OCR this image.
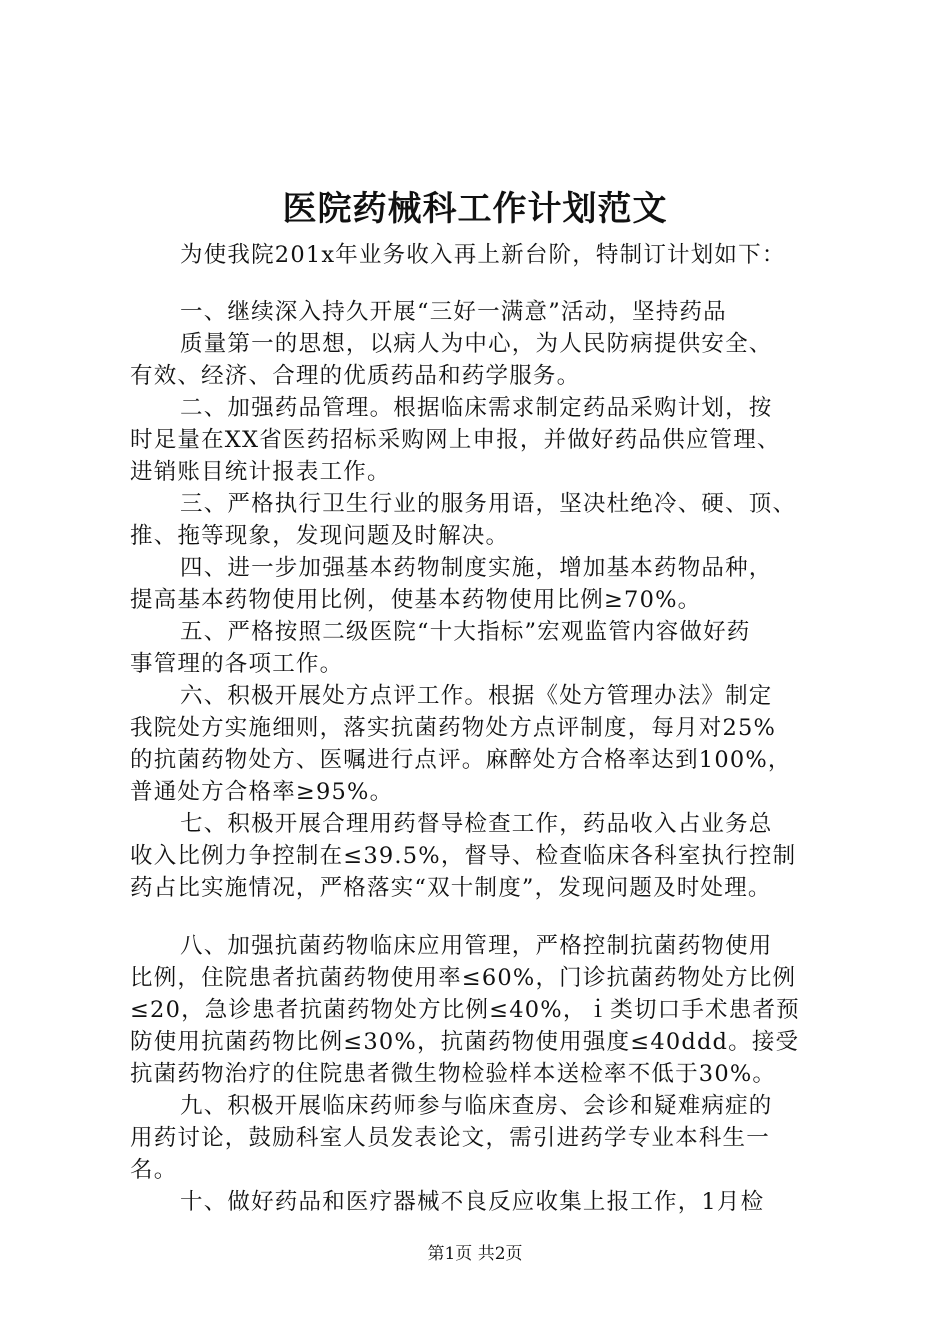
医院药械科工作计划范文

为使我院201x年业务收入再上新台阶，特制订计划如下：

一、继续深入持久开展“三好一满意”活动，坚持药品

质量第一的思想，以病人为中心，为人民防病提供安全、

有效、经济、合理的优质药品和药学服务。

二、加强药品管理。根据临床需求制定药品采购计划，按

时足量在XX省医药招标采购网上申报，并做好药品供应管理、

进销账目统计报表工作。

三、严格执行卫生行业的服务用语，坚决杜绝冷、硬、顶、

推、拖等现象，发现问题及时解决。

四、进一步加强基本药物制度实施，增加基本药物品种，

提高基本药物使用比例，使基本药物使用比例≥70%。

五、严格按照二级医院“十大指标”宏观监管内容做好药

事管理的各项工作。

六、积极开展处方点评工作。根据《处方管理办法》制定

我院处方实施细则，落实抗菌药物处方点评制度，每月对25%

的抗菌药物处方、医嘱进行点评。麻醉处方合格率达到100%，

普通处方合格率≥95%。

七、积极开展合理用药督导检查工作，药品收入占业务总

收入比例力争控制在≤39.5%，督导、检查临床各科室执行控制

药占比实施情况，严格落实“双十制度”，发现问题及时处理。

八、加强抗菌药物临床应用管理，严格控制抗菌药物使用

比例，住院患者抗菌药物使用率≤60%，门诊抗菌药物处方比例

≤20，急诊患者抗菌药物处方比例≤40%，ｉ类切口手术患者预

防使用抗菌药物比例≤30%，抗菌药物使用强度≤40ddd。接受

抗菌药物治疗的住院患者微生物检验样本送检率不低于30%。

九、积极开展临床药师参与临床查房、会诊和疑难病症的

用药讨论，鼓励科室人员发表论文，需引进药学专业本科生一

名。

十、做好药品和医疗器械不良反应收集上报工作，1月检

第1页 共2页
